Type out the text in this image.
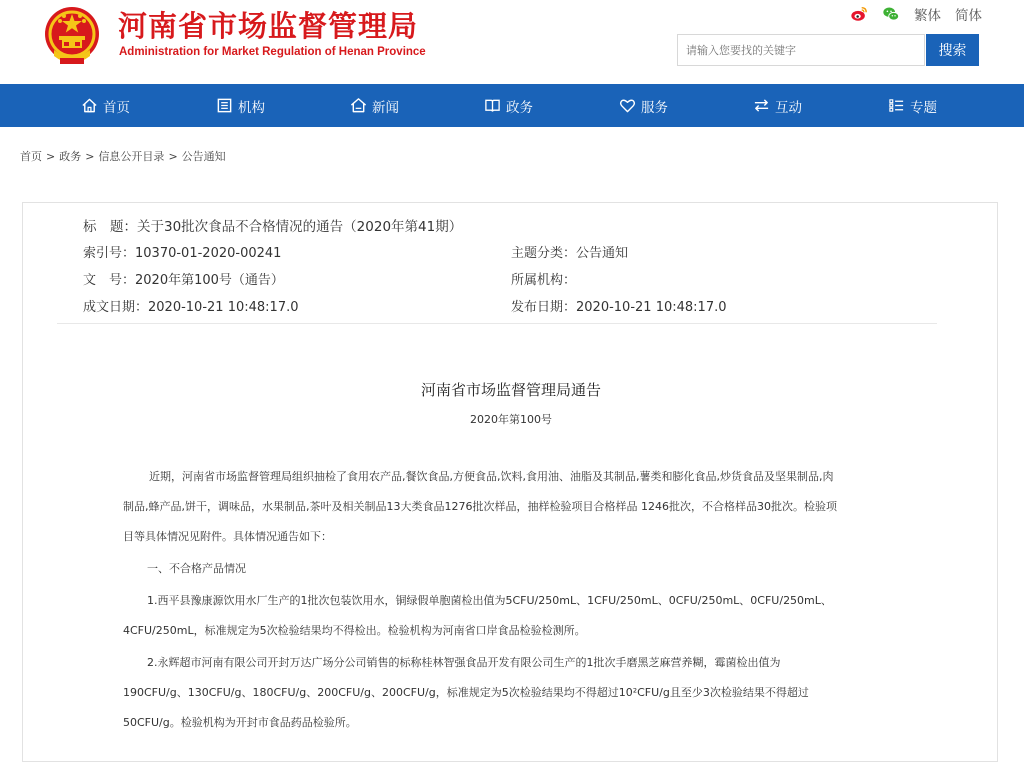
河南省市场监督管理局
Administration for Market Regulation of Henan Province
繁体 简体
请输入您要找的关键字
搜索
首页	机构	新闻	政务	服务	互动	专题
首页 > 政务 > 信息公开目录 > 公告通知
标　题：关于30批次食品不合格情况的通告（2020年第41期）
索引号：10370-01-2020-00241	主题分类：公告通知
文　号：2020年第100号（通告）	所属机构：
成文日期：2020-10-21 10:48:17.0	发布日期：2020-10-21 10:48:17.0
河南省市场监督管理局通告
2020年第100号
近期，河南省市场监督管理局组织抽检了食用农产品,餐饮食品,方便食品,饮料,食用油、油脂及其制品,薯类和膨化食品,炒货食品及坚果制品,肉
制品,蜂产品,饼干，调味品，水果制品,茶叶及相关制品13大类食品1276批次样品，抽样检验项目合格样品 1246批次，不合格样品30批次。检验项
目等具体情况见附件。具体情况通告如下：
一、不合格产品情况
1.西平县豫康源饮用水厂生产的1批次包装饮用水，铜绿假单胞菌检出值为5CFU/250mL、1CFU/250mL、0CFU/250mL、0CFU/250mL、
4CFU/250mL，标准规定为5次检验结果均不得检出。检验机构为河南省口岸食品检验检测所。
2.永辉超市河南有限公司开封万达广场分公司销售的标称桂林智强食品开发有限公司生产的1批次手磨黑芝麻营养糊，霉菌检出值为
190CFU/g、130CFU/g、180CFU/g、200CFU/g、200CFU/g，标准规定为5次检验结果均不得超过10²CFU/g且至少3次检验结果不得超过
50CFU/g。检验机构为开封市食品药品检验所。
